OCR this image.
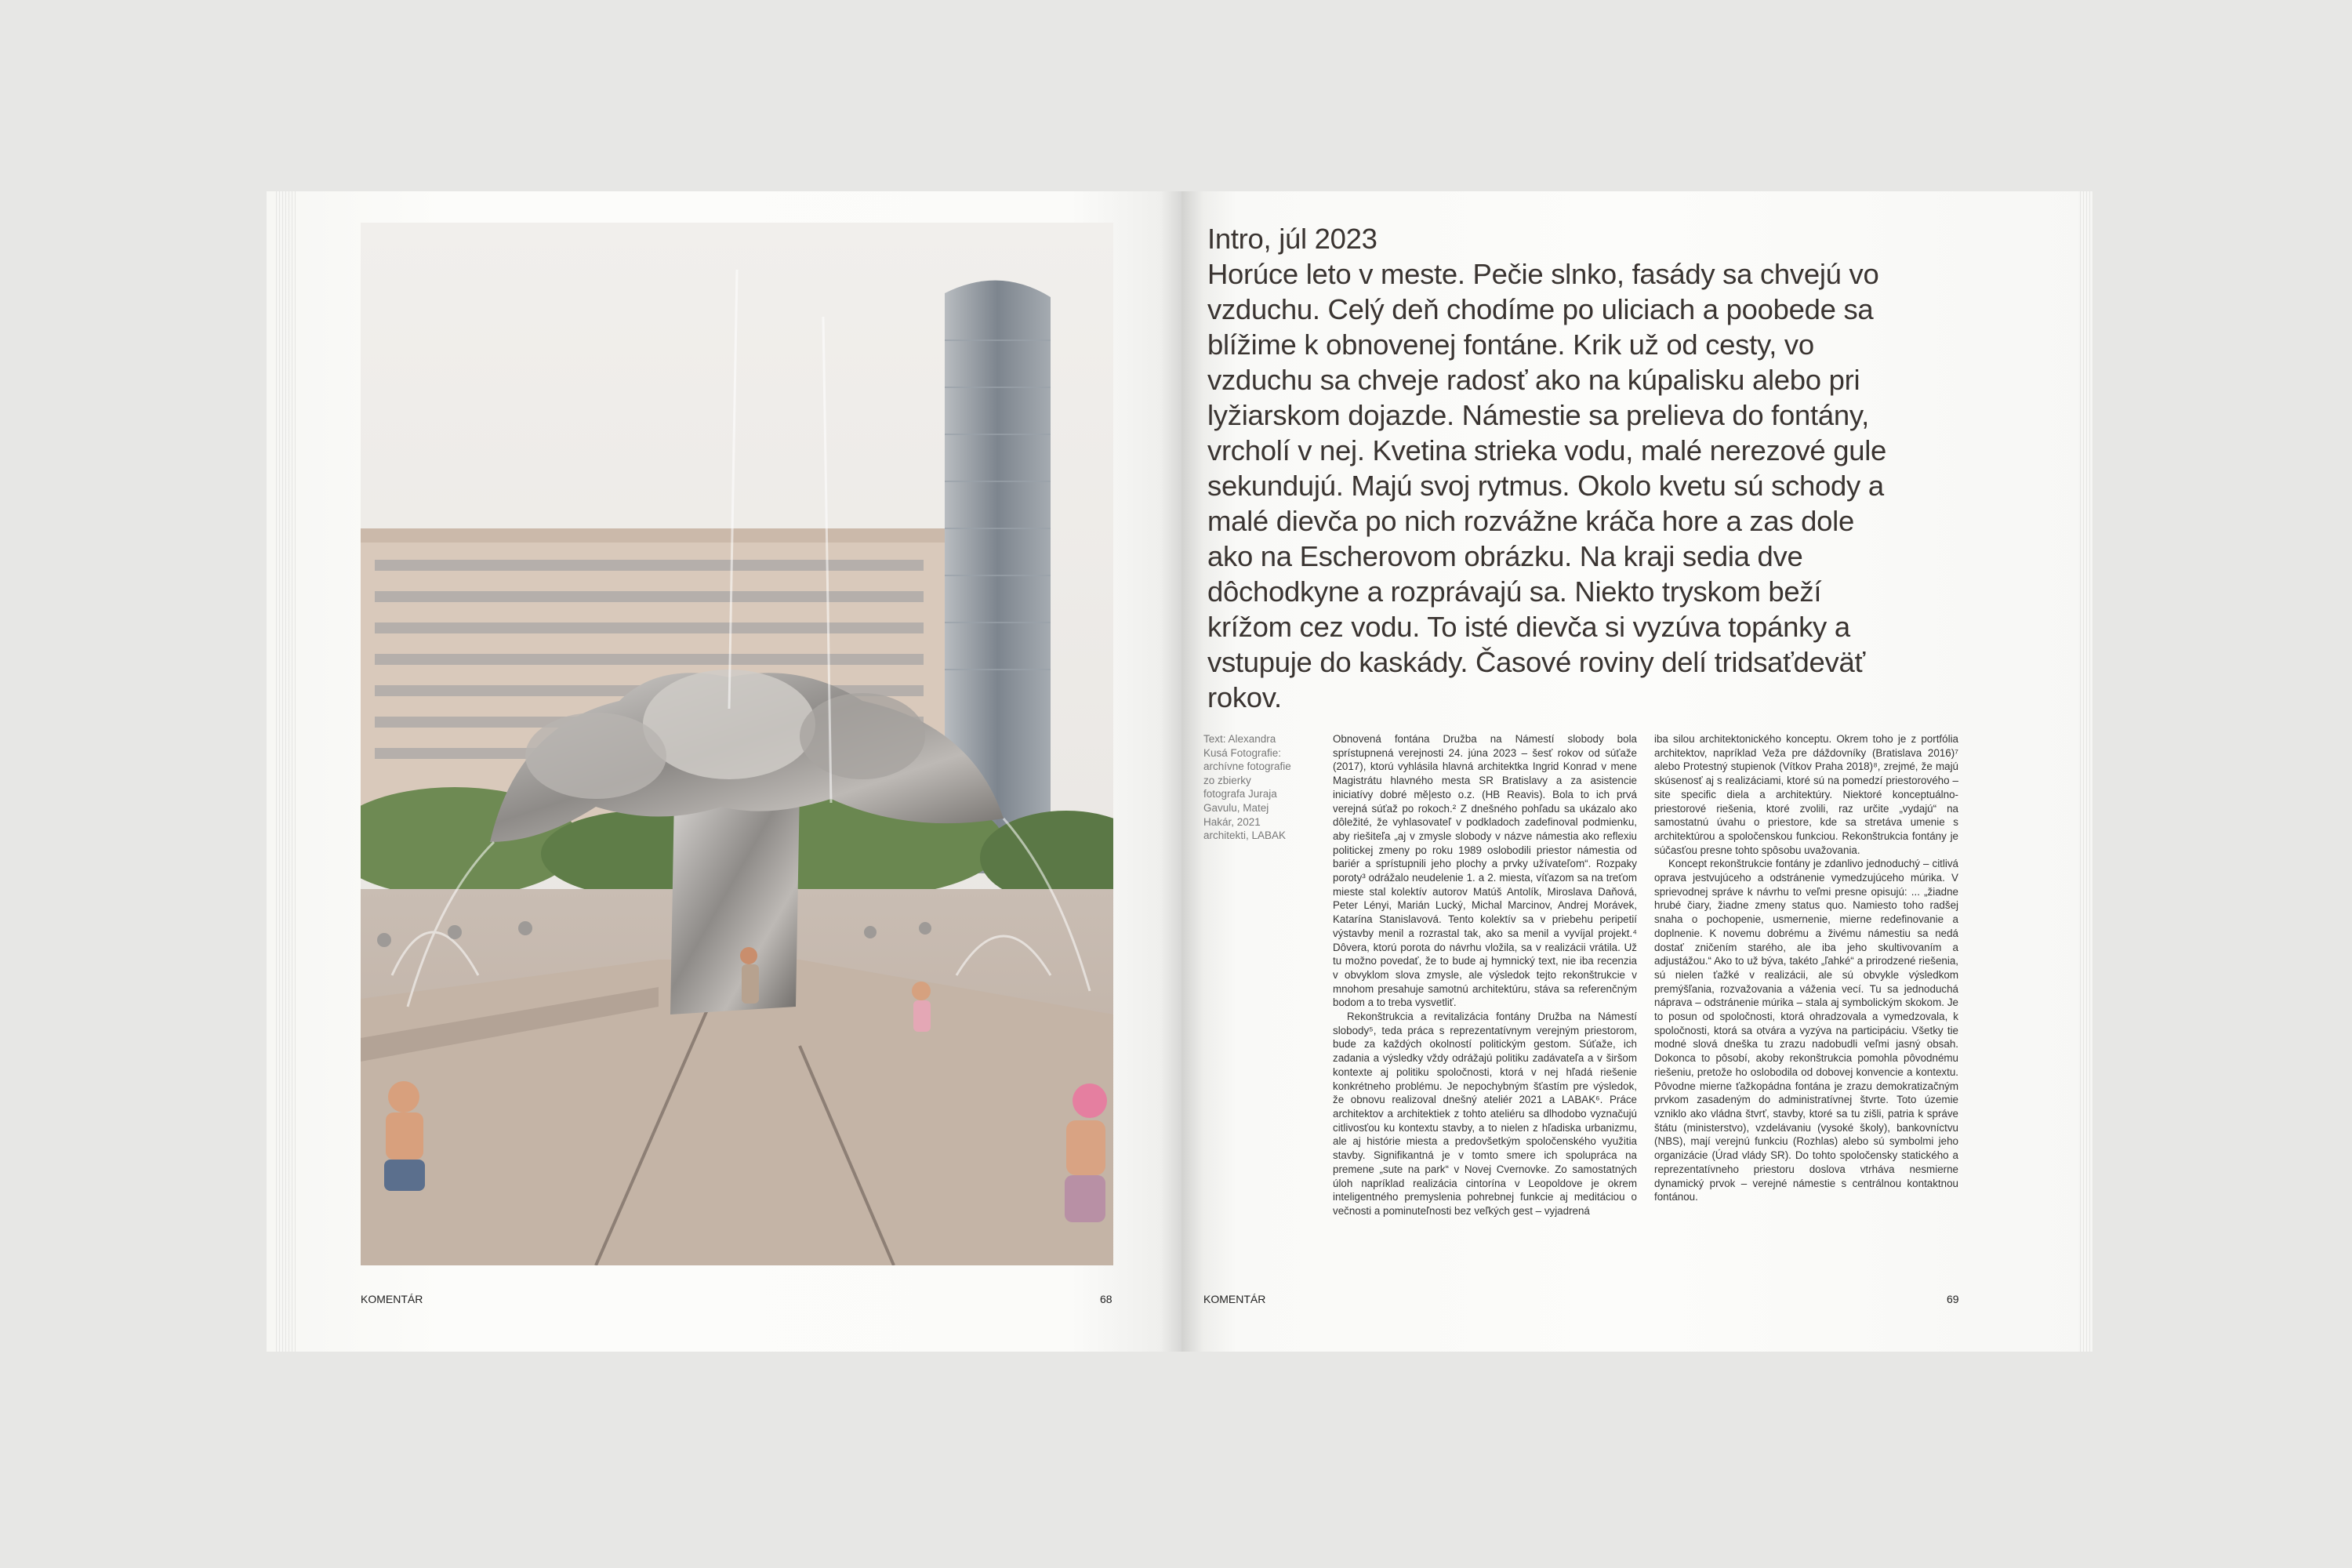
KOMENTÁR	68

Intro, júl 2023

Horúce leto v meste. Pečie slnko, fasády sa chvejú vo vzduchu. Celý deň chodíme po uliciach a poobede sa blížime k obnovenej fontáne. Krik už od cesty, vo vzduchu sa chveje radosť ako na kúpalisku alebo pri lyžiarskom dojazde. Námestie sa prelieva do fontány, vrcholí v nej. Kvetina strieka vodu, malé nerezové gule sekundujú. Majú svoj rytmus. Okolo kvetu sú schody a malé dievča po nich rozvážne kráča hore a zas dole ako na Escherovom obrázku. Na kraji sedia dve dôchodkyne a rozprávajú sa. Niekto tryskom beží krížom cez vodu. To isté dievča si vyzúva topánky a vstupuje do kaskády. Časové roviny delí tridsaťdeväť rokov.

Text: Alexandra Kusá Fotografie: archívne fotografie zo zbierky fotografa Juraja Gavulu, Matej Hakár, 2021 architekti, LABAK

Obnovená fontána Družba na Námestí slobody bola sprístupnená verejnosti 24. júna 2023 – šesť rokov od súťaže (2017), ktorú vyhlásila hlavná architektka Ingrid Konrad v mene Magistrátu hlavného mesta SR Bratislavy a za asistencie iniciatívy dobré mě|esto o.z. (HB Reavis). Bola to ich prvá verejná súťaž po rokoch.² Z dnešného pohľadu sa ukázalo ako dôležité, že vyhlasovateľ v podkladoch zadefinoval podmienku, aby riešiteľa „aj v zmysle slobody v názve námestia ako reflexiu politickej zmeny po roku 1989 oslobodili priestor námestia od bariér a sprístupnili jeho plochy a prvky užívateľom“. Rozpaky poroty³ odrážalo neudelenie 1. a 2. miesta, víťazom sa na treťom mieste stal kolektív autorov Matúš Antolík, Miroslava Daňová, Peter Lényi, Marián Lucký, Michal Marcinov, Andrej Morávek, Katarína Stanislavová. Tento kolektív sa v priebehu peripetií výstavby menil a rozrastal tak, ako sa menil a vyvíjal projekt.⁴ Dôvera, ktorú porota do návrhu vložila, sa v realizácii vrátila. Už tu možno povedať, že to bude aj hymnický text, nie iba recenzia v obvyklom slova zmysle, ale výsledok tejto rekonštrukcie v mnohom presahuje samotnú architektúru, stáva sa referenčným bodom a to treba vysvetliť.

Rekonštrukcia a revitalizácia fontány Družba na Námestí slobody⁵, teda práca s reprezentatívnym verejným priestorom, bude za každých okolností politickým gestom. Súťaže, ich zadania a výsledky vždy odrážajú politiku zadávateľa a v širšom kontexte aj politiku spoločnosti, ktorá v nej hľadá riešenie konkrétneho problému. Je nepochybným šťastím pre výsledok, že obnovu realizoval dnešný ateliér 2021 a LABAK⁶. Práce architektov a architektiek z tohto ateliéru sa dlhodobo vyznačujú citlivosťou ku kontextu stavby, a to nielen z hľadiska urbanizmu, ale aj histórie miesta a predovšetkým spoločenského využitia stavby. Signifikantná je v tomto smere ich spolupráca na premene „sute na park“ v Novej Cvernovke. Zo samostatných úloh napríklad realizácia cintorína v Leopoldove je okrem inteligentného premyslenia pohrebnej funkcie aj meditáciou o večnosti a pominuteľnosti bez veľkých gest – vyjadrená

iba silou architektonického konceptu. Okrem toho je z portfólia architektov, napríklad Veža pre dáždovníky (Bratislava 2016)⁷ alebo Protestný stupienok (Vítkov Praha 2018)⁸, zrejmé, že majú skúsenosť aj s realizáciami, ktoré sú na pomedzí priestorového – site specific diela a architektúry. Niektoré konceptuálno-priestorové riešenia, ktoré zvolili, raz určite „vydajú“ na samostatnú úvahu o priestore, kde sa stretáva umenie s architektúrou a spoločenskou funkciou. Rekonštrukcia fontány je súčasťou presne tohto spôsobu uvažovania.

Koncept rekonštrukcie fontány je zdanlivo jednoduchý – citlivá oprava jestvujúceho a odstránenie vymedzujúceho múrika. V sprievodnej správe k návrhu to veľmi presne opisujú: ... „žiadne hrubé čiary, žiadne zmeny status quo. Namiesto toho radšej snaha o pochopenie, usmernenie, mierne redefinovanie a doplnenie. K novemu dobrému a živému námestiu sa nedá dostať zničením starého, ale iba jeho skultivovaním a adjustážou.“ Ako to už býva, takéto „ľahké“ a prirodzené riešenia, sú nielen ťažké v realizácii, ale sú obvykle výsledkom premýšľania, rozvažovania a váženia vecí. Tu sa jednoduchá náprava – odstránenie múrika – stala aj symbolickým skokom. Je to posun od spoločnosti, ktorá ohradzovala a vymedzovala, k spoločnosti, ktorá sa otvára a vyzýva na participáciu. Všetky tie modné slová dneška tu zrazu nadobudli veľmi jasný obsah. Dokonca to pôsobí, akoby rekonštrukcia pomohla pôvodnému riešeniu, pretože ho oslobodila od dobovej konvencie a kontextu. Pôvodne mierne ťažkopádna fontána je zrazu demokratizačným prvkom zasadeným do administratívnej štvrte. Toto územie vzniklo ako vládna štvrť, stavby, ktoré sa tu zišli, patria k správe štátu (ministerstvo), vzdelávaniu (vysoké školy), bankovníctvu (NBS), mají verejnú funkciu (Rozhlas) alebo sú symbolmi jeho organizácie (Úrad vlády SR). Do tohto spoločensky statického a reprezentatívneho priestoru doslova vtrháva nesmierne dynamický prvok – verejné námestie s centrálnou kontaktnou fontánou.

KOMENTÁR	69
